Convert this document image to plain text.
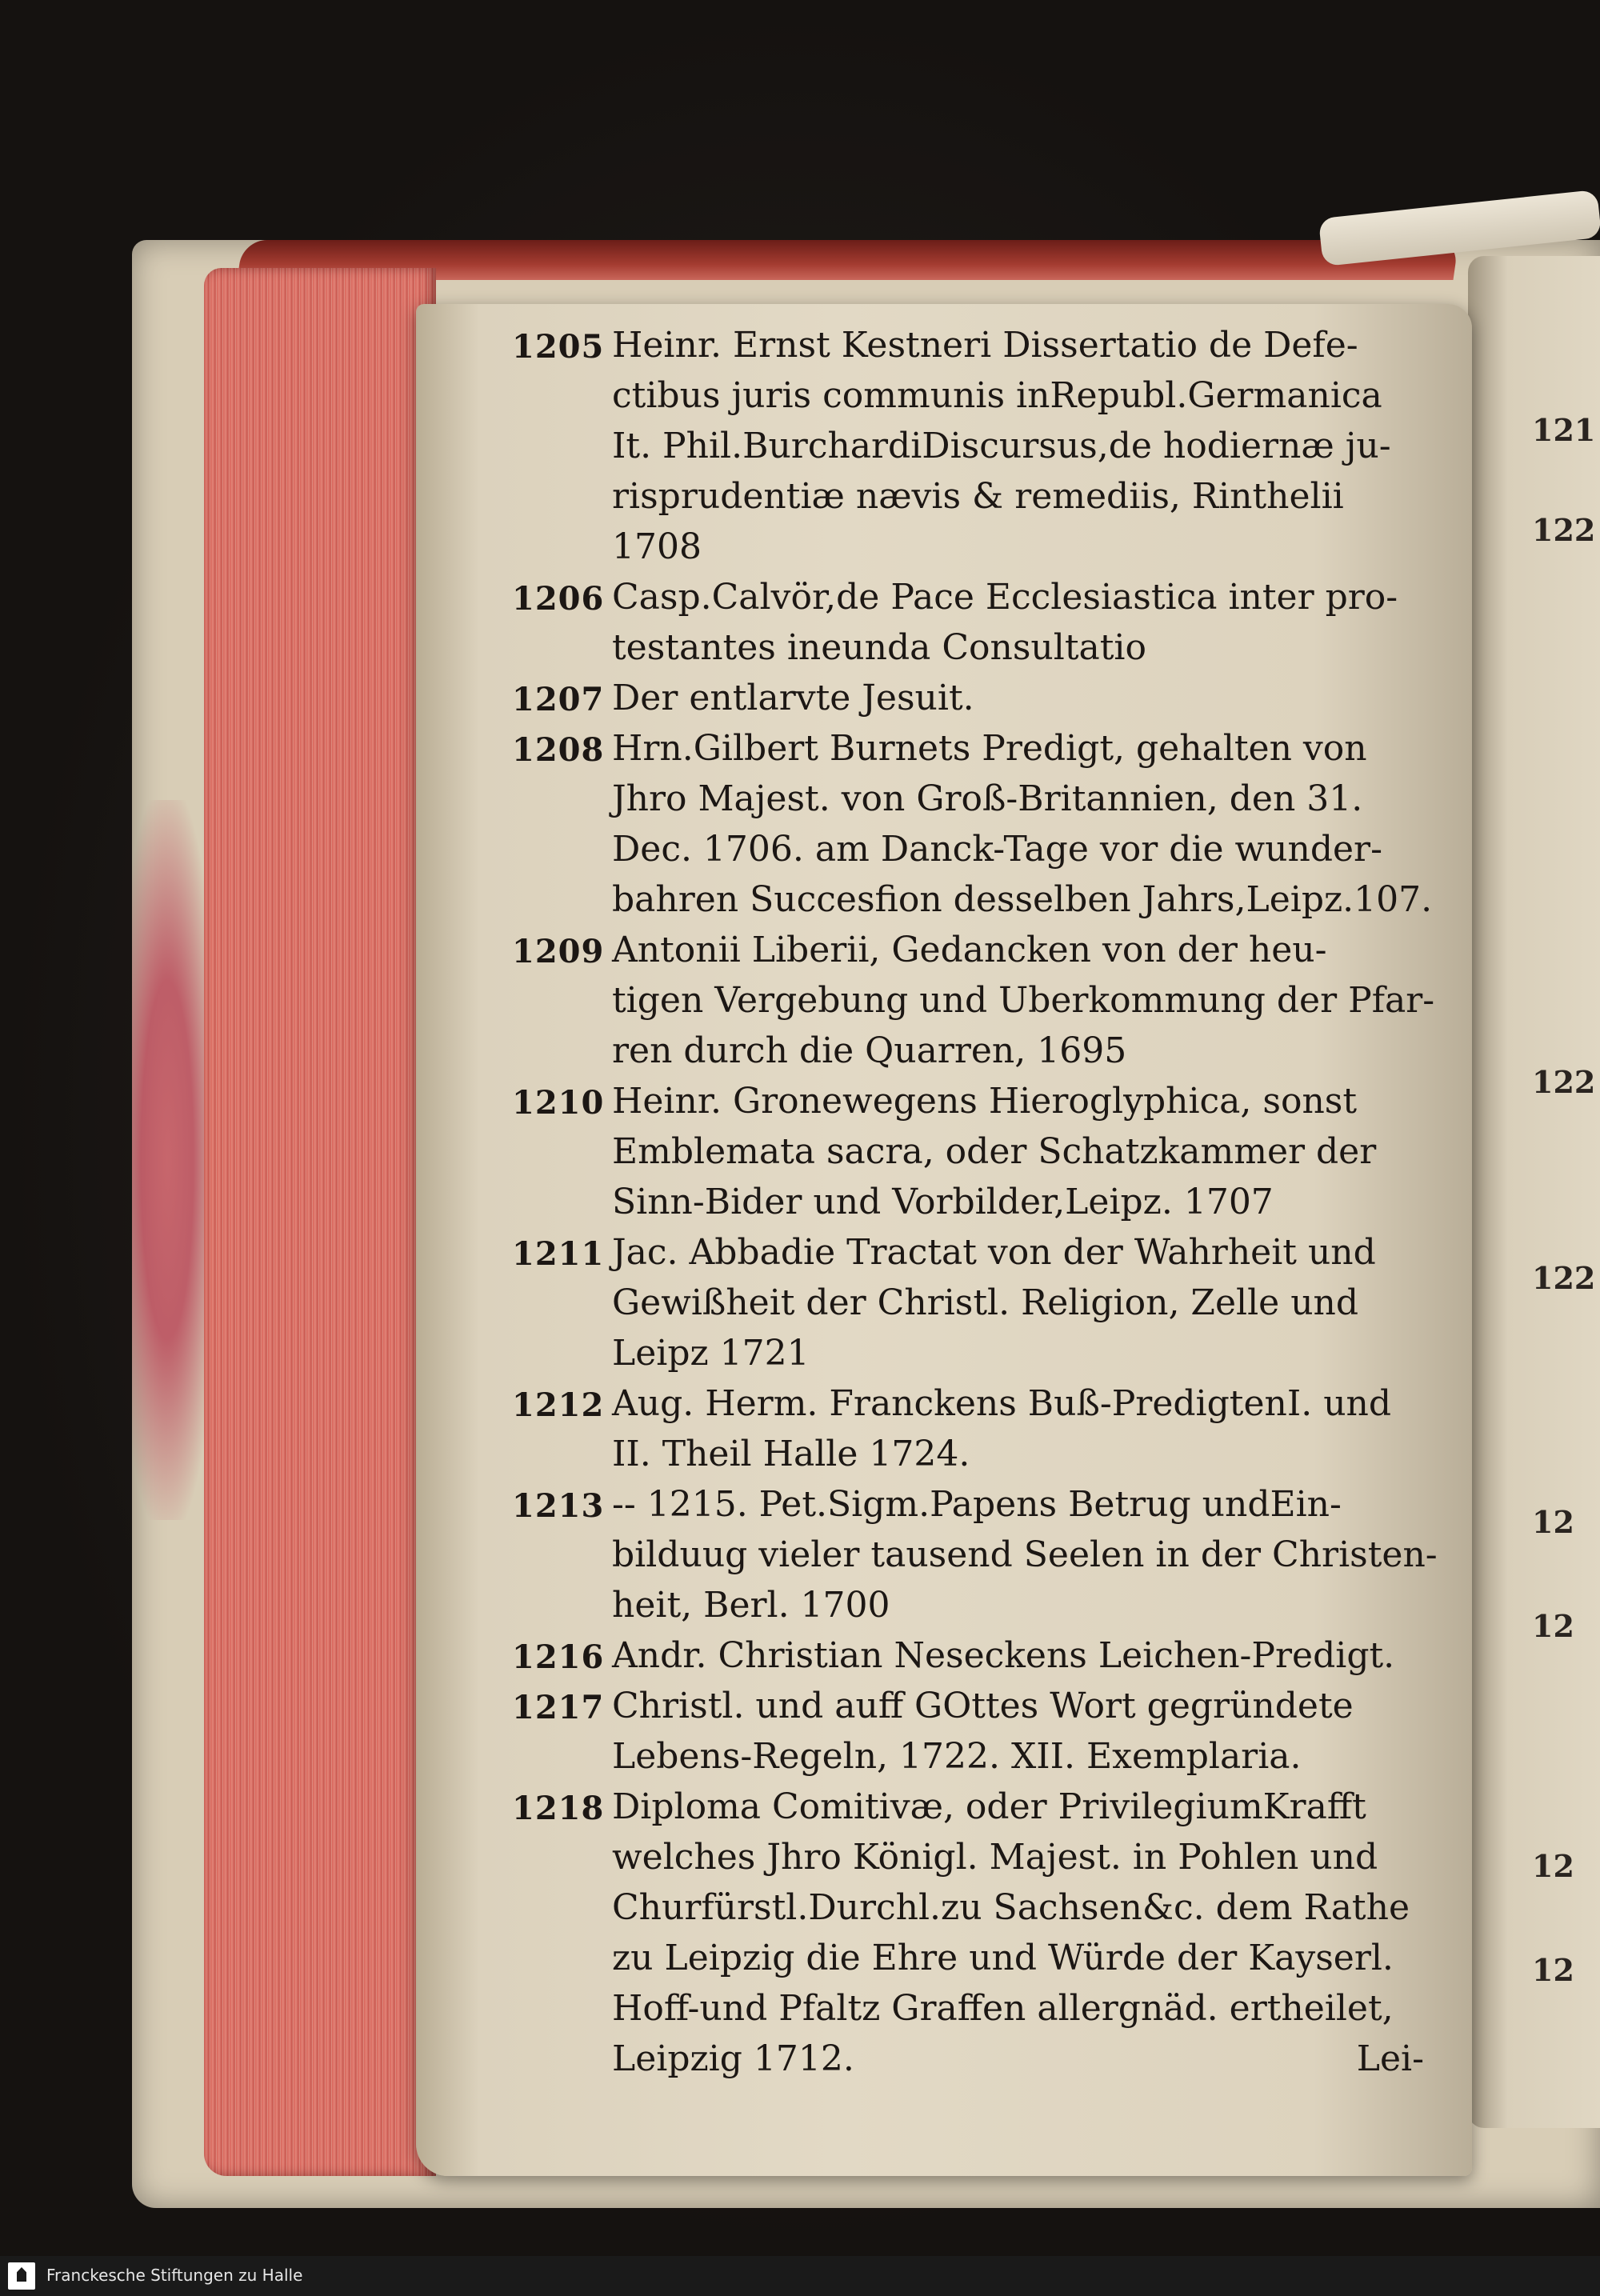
121
122
122
122
12
12
12
12
1205 Heinr. Ernst Kestneri Dissertatio de Defe-
ctibus juris communis inRepubl.Germanica
It. Phil.BurchardiDiscursus,de hodiernæ ju-
risprudentiæ nævis & remediis, Rinthelii
1708
1206 Casp.Calvör,de Pace Ecclesiastica inter pro-
testantes ineunda Consultatio
1207 Der entlarvte Jesuit.
1208 Hrn.Gilbert Burnets Predigt, gehalten von
Jhro Majest. von Groß-Britannien, den 31.
Dec. 1706. am Danck-Tage vor die wunder-
bahren Succesfion desselben Jahrs,Leipz.107.
1209 Antonii Liberii, Gedancken von der heu-
tigen Vergebung und Uberkommung der Pfar-
ren durch die Quarren, 1695
1210 Heinr. Gronewegens Hieroglyphica, sonst
Emblemata sacra, oder Schatzkammer der
Sinn-Bider und Vorbilder,Leipz. 1707
1211 Jac. Abbadie Tractat von der Wahrheit und
Gewißheit der Christl. Religion, Zelle und
Leipz 1721
1212 Aug. Herm. Franckens Buß-PredigtenI. und
II. Theil Halle 1724.
1213 -- 1215. Pet.Sigm.Papens Betrug undEin-
bilduug vieler tausend Seelen in der Christen-
heit, Berl. 1700
1216 Andr. Christian Neseckens Leichen-Predigt.
1217 Christl. und auff GOttes Wort gegründete
Lebens-Regeln, 1722. XII. Exemplaria.
1218 Diploma Comitivæ, oder PrivilegiumKrafft
welches Jhro Königl. Majest. in Pohlen und
Churfürstl.Durchl.zu Sachsen&c. dem Rathe
zu Leipzig die Ehre und Würde der Kayserl.
Hoff-und Pfaltz Graffen allergnäd. ertheilet,
Leipzig 1712.	Lei-
Franckesche Stiftungen zu Halle
